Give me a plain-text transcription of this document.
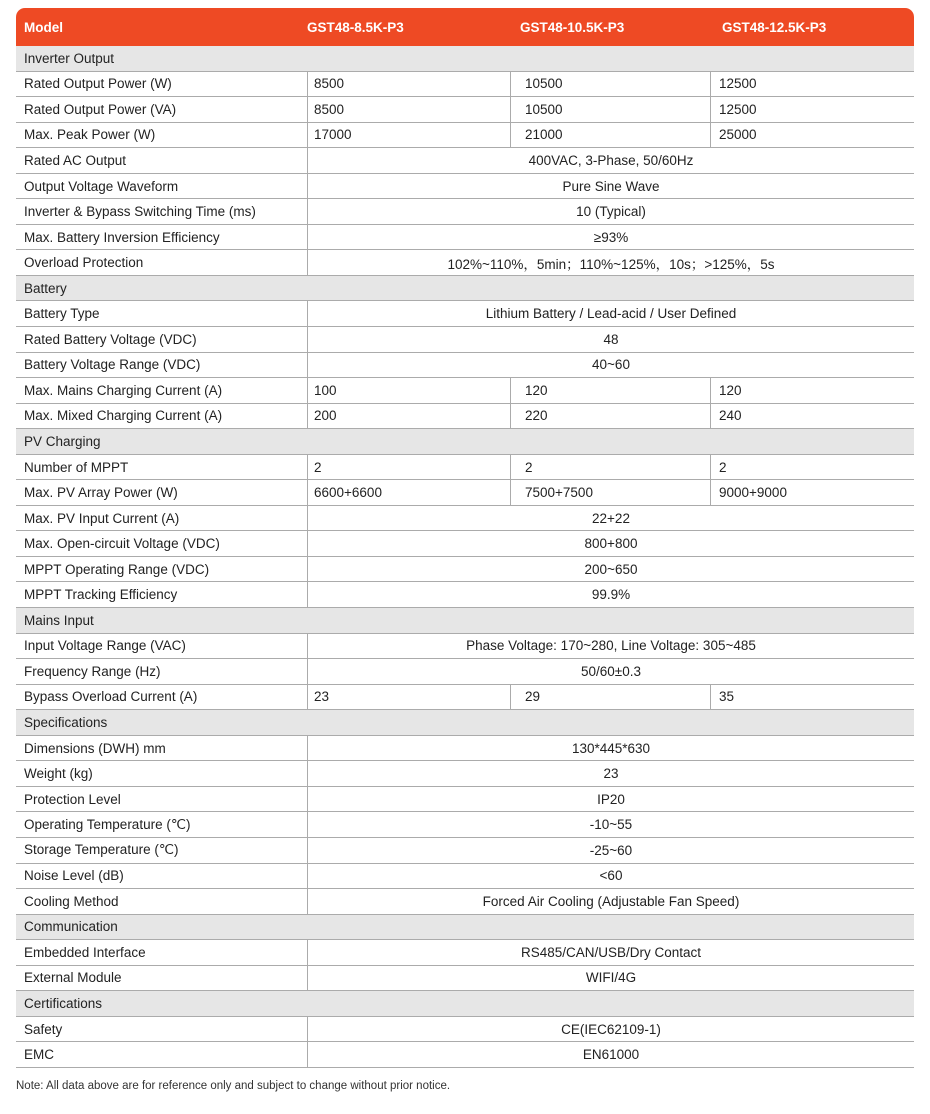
Model	GST48-8.5K-P3	GST48-10.5K-P3	GST48-12.5K-P3
Inverter Output
Rated Output Power (W)	8500	10500	12500
Rated Output Power (VA)	8500	10500	12500
Max. Peak Power (W)	17000	21000	25000
Rated AC Output	400VAC, 3-Phase, 50/60Hz
Output Voltage Waveform	Pure Sine Wave
Inverter & Bypass Switching Time (ms)	10 (Typical)
Max. Battery Inversion Efficiency	≥93%
Overload Protection	102%~110%，5min；110%~125%，10s；>125%，5s
Battery
Battery Type	Lithium Battery / Lead-acid / User Defined
Rated Battery Voltage (VDC)	48
Battery Voltage Range (VDC)	40~60
Max. Mains Charging Current (A)	100	120	120
Max. Mixed Charging Current (A)	200	220	240
PV Charging
Number of MPPT	2	2	2
Max. PV Array Power (W)	6600+6600	7500+7500	9000+9000
Max. PV Input Current (A)	22+22
Max. Open-circuit Voltage (VDC)	800+800
MPPT Operating Range (VDC)	200~650
MPPT Tracking Efficiency	99.9%
Mains Input
Input Voltage Range (VAC)	Phase Voltage: 170~280, Line Voltage: 305~485
Frequency Range (Hz)	50/60±0.3
Bypass Overload Current (A)	23	29	35
Specifications
Dimensions (DWH) mm	130*445*630
Weight (kg)	23
Protection Level	IP20
Operating Temperature (℃)	-10~55
Storage Temperature (℃)	-25~60
Noise Level (dB)	<60
Cooling Method	Forced Air Cooling (Adjustable Fan Speed)
Communication
Embedded Interface	RS485/CAN/USB/Dry Contact
External Module	WIFI/4G
Certifications
Safety	CE(IEC62109-1)
EMC	EN61000
Note: All data above are for reference only and subject to change without prior notice.
